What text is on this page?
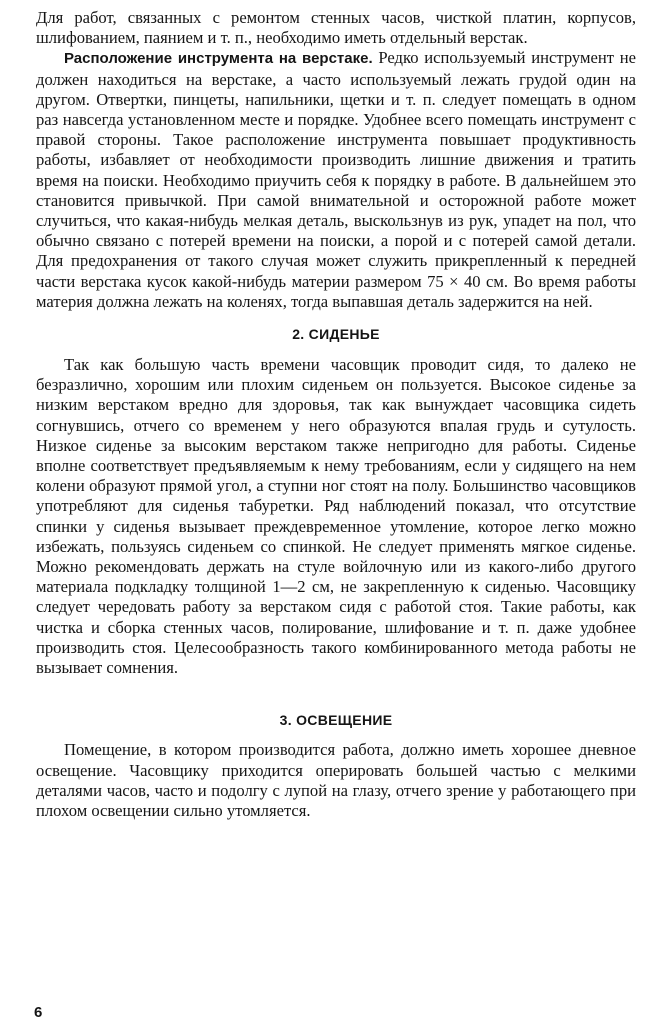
Для работ, связанных с ремонтом стенных часов, чисткой платин, корпусов, шлифованием, паянием и т. п., необходимо иметь отдельный верстак.

Расположение инструмента на верстаке. Редко используемый инструмент не должен находиться на верстаке, а часто используемый лежать грудой один на другом. Отвертки, пинцеты, напильники, щетки и т. п. следует помещать в одном раз навсегда установленном месте и порядке. Удобнее всего помещать инструмент с правой стороны. Такое расположение инструмента повышает продуктивность работы, избавляет от необходимости производить лишние движения и тратить время на поиски. Необходимо приучить себя к порядку в работе. В дальнейшем это становится привычкой. При самой внимательной и осторожной работе может случиться, что какая-нибудь мелкая деталь, выскользнув из рук, упадет на пол, что обычно связано с потерей времени на поиски, а порой и с потерей самой детали. Для предохранения от такого случая может служить прикрепленный к передней части верстака кусок какой-нибудь материи размером 75 × 40 см. Во время работы материя должна лежать на коленях, тогда выпавшая деталь задержится на ней.

2. СИДЕНЬЕ

Так как большую часть времени часовщик проводит сидя, то далеко не безразлично, хорошим или плохим сиденьем он пользуется. Высокое сиденье за низким верстаком вредно для здоровья, так как вынуждает часовщика сидеть согнувшись, отчего со временем у него образуются впалая грудь и сутулость. Низкое сиденье за высоким верстаком также непригодно для работы. Сиденье вполне соответствует предъявляемым к нему требованиям, если у сидящего на нем колени образуют прямой угол, а ступни ног стоят на полу. Большинство часовщиков употребляют для сиденья табуретки. Ряд наблюдений показал, что отсутствие спинки у сиденья вызывает преждевременное утомление, которое легко можно избежать, пользуясь сиденьем со спинкой. Не следует применять мягкое сиденье. Можно рекомендовать держать на стуле войлочную или из какого-либо другого материала подкладку толщиной 1—2 см, не закрепленную к сиденью. Часовщику следует чередовать работу за верстаком сидя с работой стоя. Такие работы, как чистка и сборка стенных часов, полирование, шлифование и т. п. даже удобнее производить стоя. Целесообразность такого комбинированного метода работы не вызывает сомнения.

3. ОСВЕЩЕНИЕ

Помещение, в котором производится работа, должно иметь хорошее дневное освещение. Часовщику приходится оперировать большей частью с мелкими деталями часов, часто и подолгу с лупой на глазу, отчего зрение у работающего при плохом освещении сильно утомляется.

6
